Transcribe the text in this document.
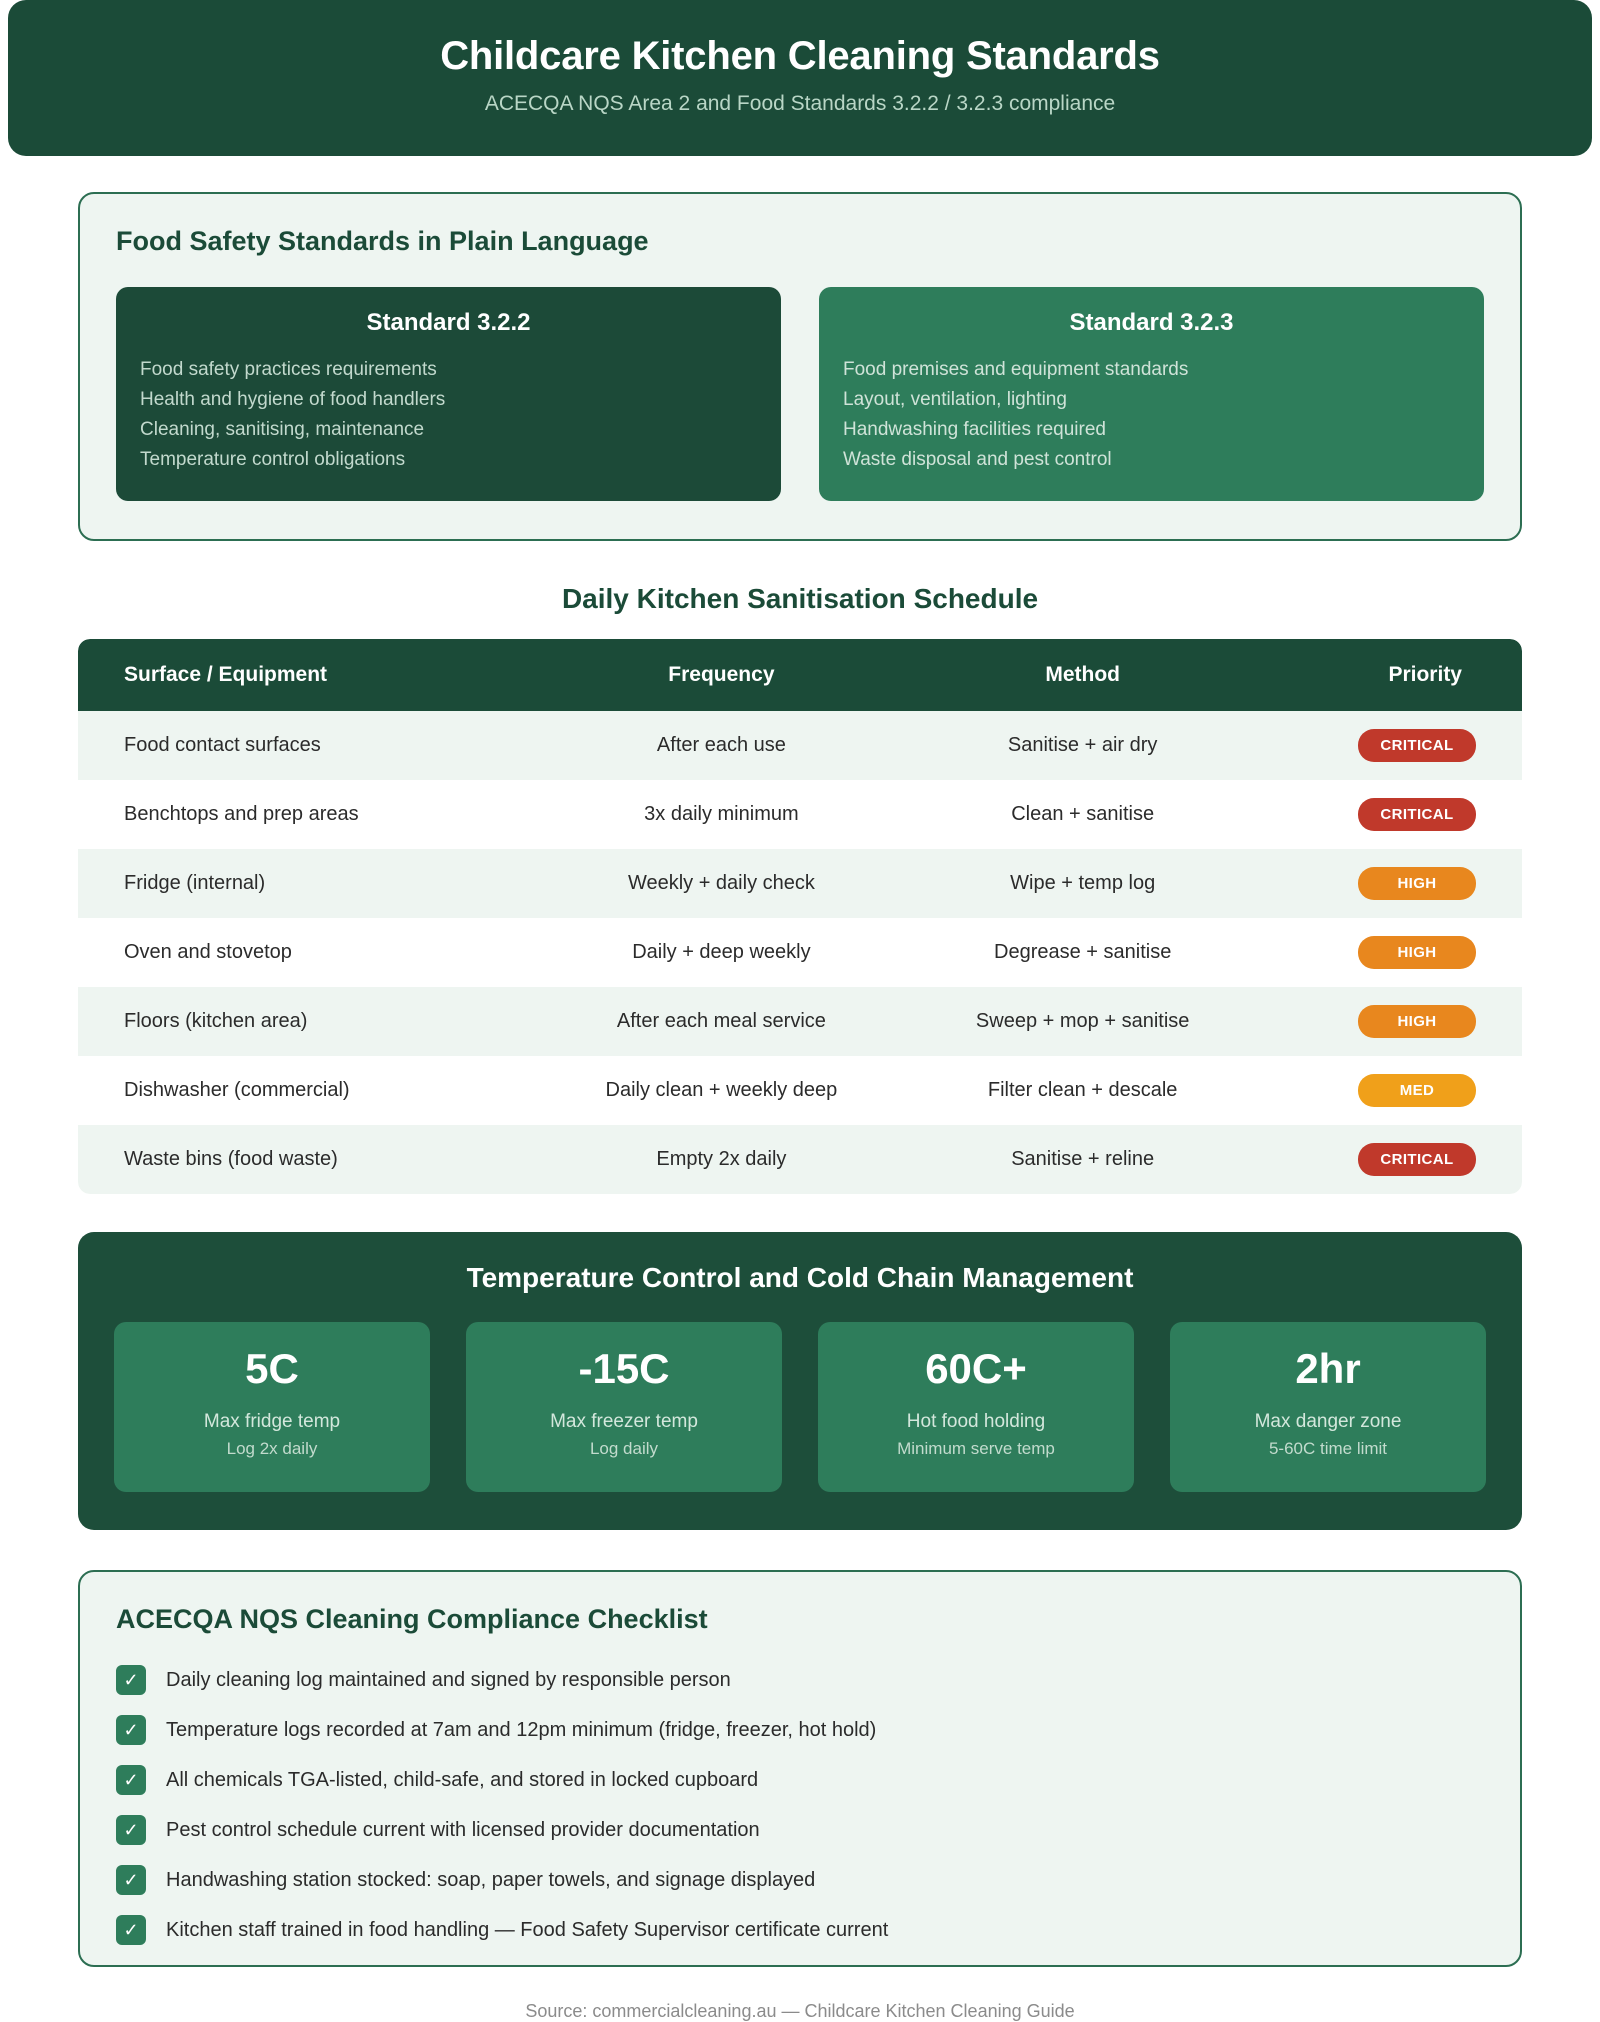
Childcare Kitchen Cleaning Standards
ACECQA NQS Area 2 and Food Standards 3.2.2 / 3.2.3 compliance
Food Safety Standards in Plain Language
Standard 3.2.2
Food safety practices requirements
Health and hygiene of food handlers
Cleaning, sanitising, maintenance
Temperature control obligations
Standard 3.2.3
Food premises and equipment standards
Layout, ventilation, lighting
Handwashing facilities required
Waste disposal and pest control
Daily Kitchen Sanitisation Schedule
Surface / Equipment	Frequency	Method	Priority
Food contact surfaces	After each use	Sanitise + air dry	CRITICAL
Benchtops and prep areas	3x daily minimum	Clean + sanitise	CRITICAL
Fridge (internal)	Weekly + daily check	Wipe + temp log	HIGH
Oven and stovetop	Daily + deep weekly	Degrease + sanitise	HIGH
Floors (kitchen area)	After each meal service	Sweep + mop + sanitise	HIGH
Dishwasher (commercial)	Daily clean + weekly deep	Filter clean + descale	MED
Waste bins (food waste)	Empty 2x daily	Sanitise + reline	CRITICAL
Temperature Control and Cold Chain Management
5C
Max fridge temp
Log 2x daily
-15C
Max freezer temp
Log daily
60C+
Hot food holding
Minimum serve temp
2hr
Max danger zone
5-60C time limit
ACECQA NQS Cleaning Compliance Checklist
✓	Daily cleaning log maintained and signed by responsible person
✓	Temperature logs recorded at 7am and 12pm minimum (fridge, freezer, hot hold)
✓	All chemicals TGA-listed, child-safe, and stored in locked cupboard
✓	Pest control schedule current with licensed provider documentation
✓	Handwashing station stocked: soap, paper towels, and signage displayed
✓	Kitchen staff trained in food handling — Food Safety Supervisor certificate current
Source: commercialcleaning.au — Childcare Kitchen Cleaning Guide
